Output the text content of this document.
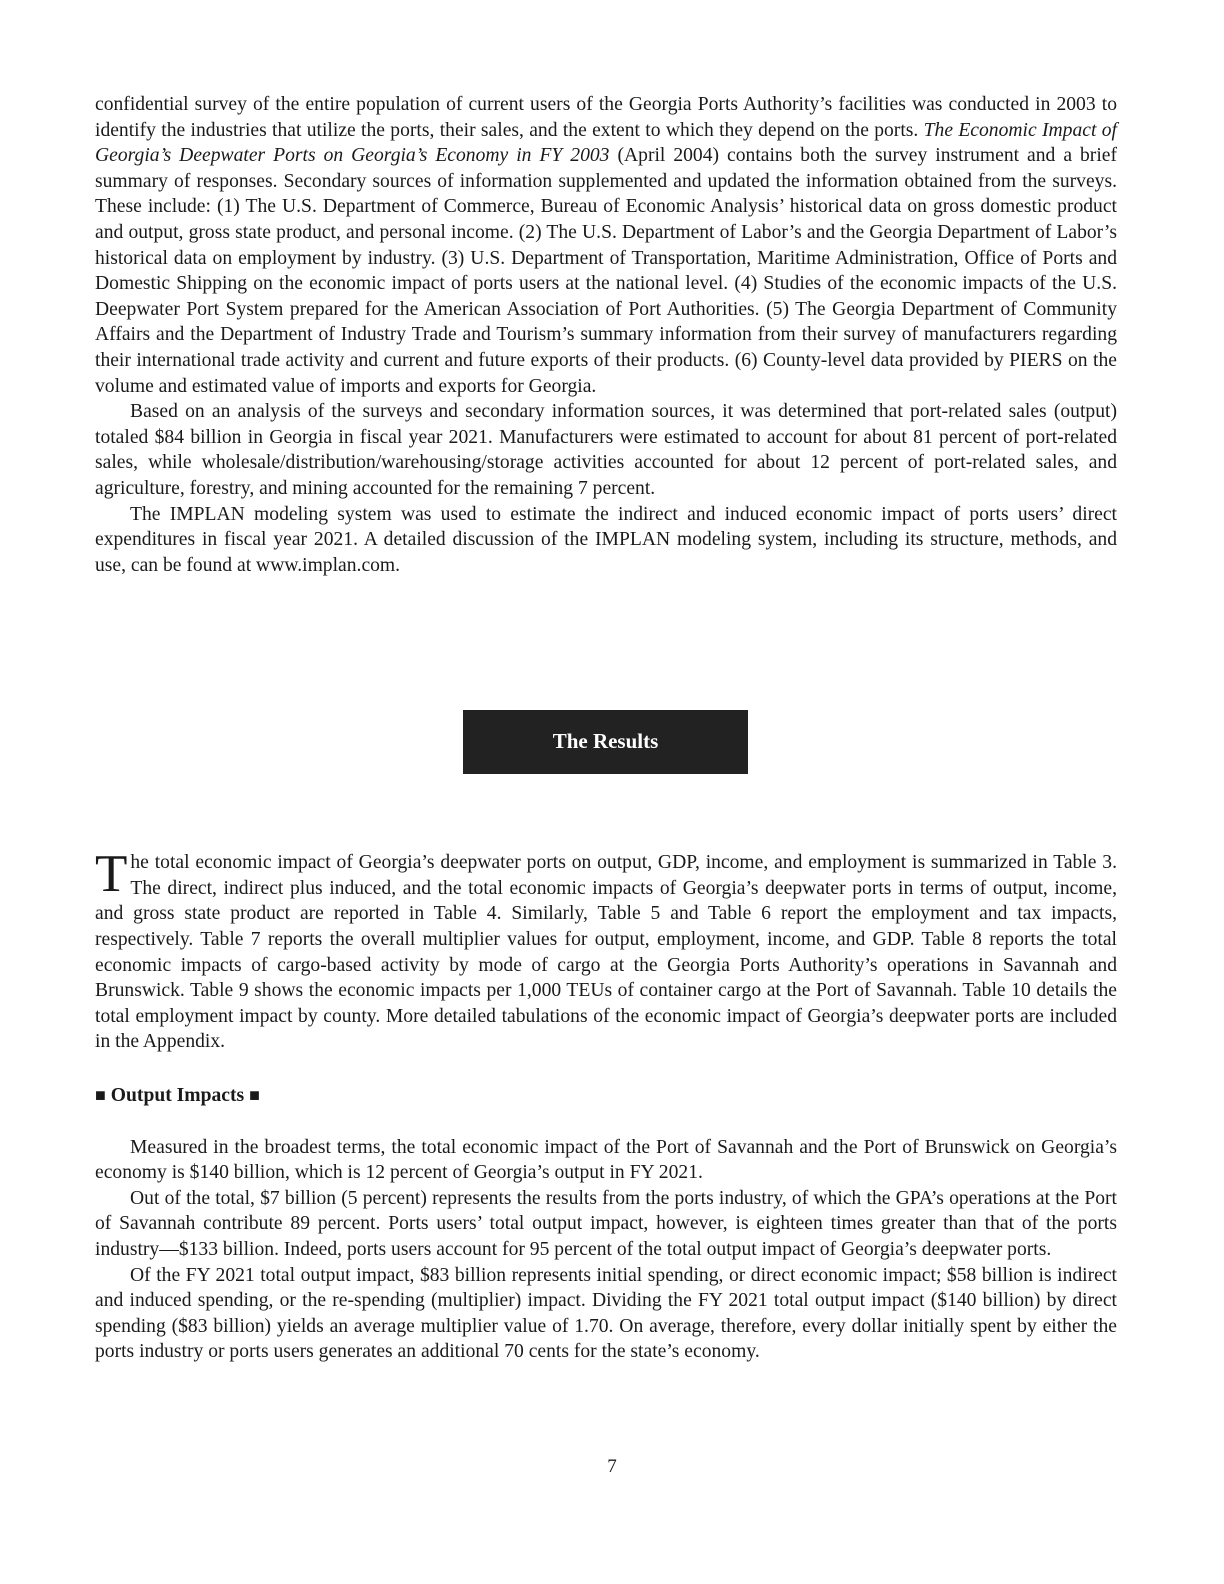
confidential survey of the entire population of current users of the Georgia Ports Authority’s facilities was conducted in 2003 to identify the industries that utilize the ports, their sales, and the extent to which they depend on the ports. The Economic Impact of Georgia’s Deepwater Ports on Georgia’s Economy in FY 2003 (April 2004) contains both the survey instrument and a brief summary of responses. Secondary sources of information supplemented and updated the information obtained from the surveys. These include: (1) The U.S. Department of Commerce, Bureau of Economic Analysis’ historical data on gross domestic product and output, gross state product, and personal income. (2) The U.S. Department of Labor’s and the Georgia Department of Labor’s historical data on employment by industry. (3) U.S. Department of Transportation, Maritime Administration, Office of Ports and Domestic Shipping on the economic impact of ports users at the national level. (4) Studies of the economic impacts of the U.S. Deepwater Port System prepared for the American Association of Port Authorities. (5) The Georgia Department of Community Affairs and the Department of Industry Trade and Tourism’s summary information from their survey of manufacturers regarding their international trade activity and current and future exports of their products. (6) County-level data provided by PIERS on the volume and estimated value of imports and exports for Georgia.

Based on an analysis of the surveys and secondary information sources, it was determined that port-related sales (output) totaled $84 billion in Georgia in fiscal year 2021. Manufacturers were estimated to account for about 81 percent of port-related sales, while wholesale/distribution/warehousing/storage activities accounted for about 12 percent of port-related sales, and agriculture, forestry, and mining accounted for the remaining 7 percent.

The IMPLAN modeling system was used to estimate the indirect and induced economic impact of ports users’ direct expenditures in fiscal year 2021. A detailed discussion of the IMPLAN modeling system, including its structure, methods, and use, can be found at www.implan.com.

The Results

The total economic impact of Georgia’s deepwater ports on output, GDP, income, and employment is summarized in Table 3. The direct, indirect plus induced, and the total economic impacts of Georgia’s deepwater ports in terms of output, income, and gross state product are reported in Table 4. Similarly, Table 5 and Table 6 report the employment and tax impacts, respectively. Table 7 reports the overall multiplier values for output, employment, income, and GDP. Table 8 reports the total economic impacts of cargo-based activity by mode of cargo at the Georgia Ports Authority’s operations in Savannah and Brunswick. Table 9 shows the economic impacts per 1,000 TEUs of container cargo at the Port of Savannah. Table 10 details the total employment impact by county. More detailed tabulations of the economic impact of Georgia’s deepwater ports are included in the Appendix.

■ Output Impacts ■

Measured in the broadest terms, the total economic impact of the Port of Savannah and the Port of Brunswick on Georgia’s economy is $140 billion, which is 12 percent of Georgia’s output in FY 2021.

Out of the total, $7 billion (5 percent) represents the results from the ports industry, of which the GPA’s operations at the Port of Savannah contribute 89 percent. Ports users’ total output impact, however, is eighteen times greater than that of the ports industry—$133 billion. Indeed, ports users account for 95 percent of the total output impact of Georgia’s deepwater ports.

Of the FY 2021 total output impact, $83 billion represents initial spending, or direct economic impact; $58 billion is indirect and induced spending, or the re-spending (multiplier) impact. Dividing the FY 2021 total output impact ($140 billion) by direct spending ($83 billion) yields an average multiplier value of 1.70. On average, therefore, every dollar initially spent by either the ports industry or ports users generates an additional 70 cents for the state’s economy.

7
